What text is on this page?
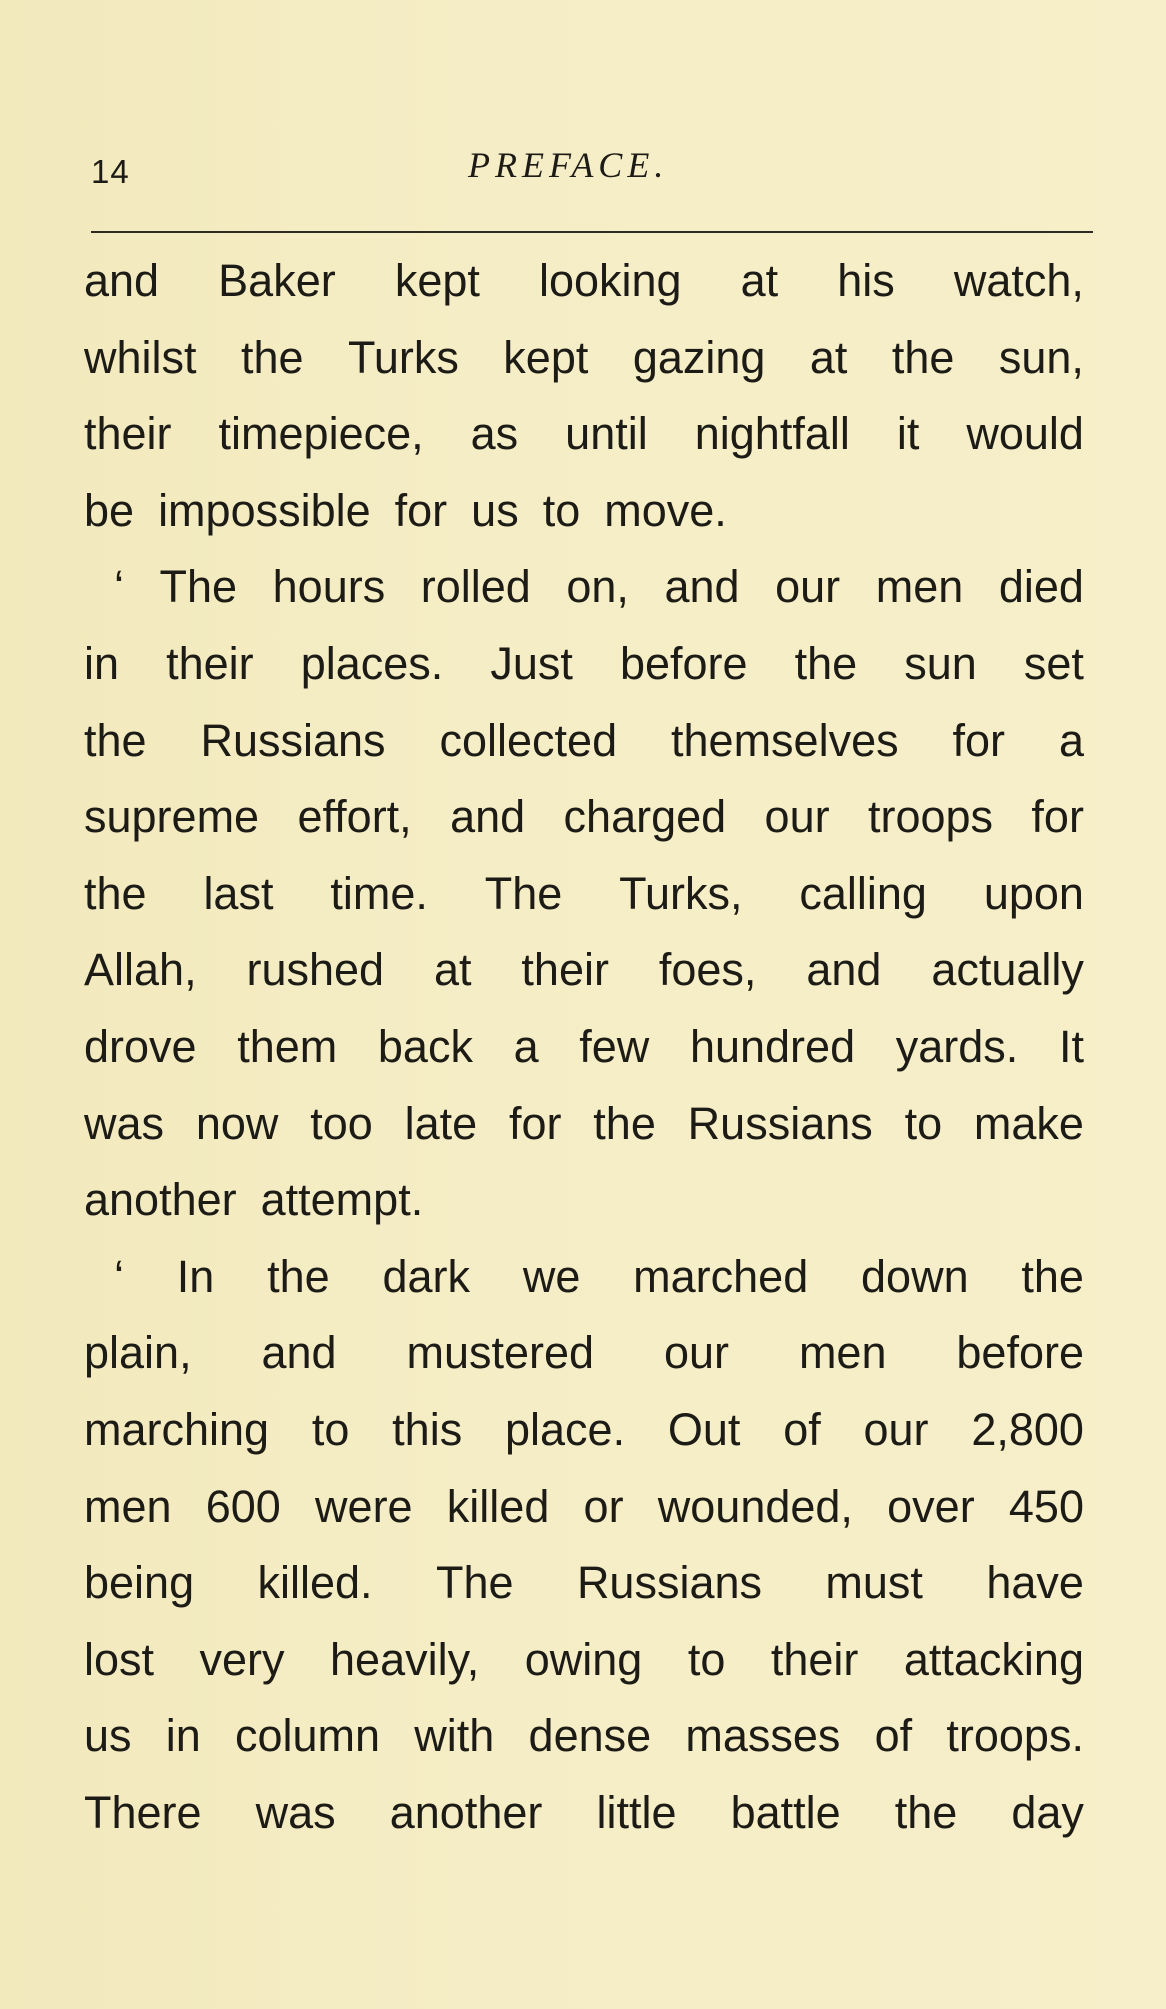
14	PREFACE.
and Baker kept looking at his watch,
whilst the Turks kept gazing at the sun,
their timepiece, as until nightfall it would
be impossible for us to move.
‘ The hours rolled on, and our men died
in their places. Just before the sun set
the Russians collected themselves for a
supreme effort, and charged our troops for
the last time. The Turks, calling upon
Allah, rushed at their foes, and actually
drove them back a few hundred yards. It
was now too late for the Russians to make
another attempt.
‘ In the dark we marched down the
plain, and mustered our men before
marching to this place. Out of our 2,800
men 600 were killed or wounded, over 450
being killed. The Russians must have
lost very heavily, owing to their attacking
us in column with dense masses of troops.
There was another little battle the day
